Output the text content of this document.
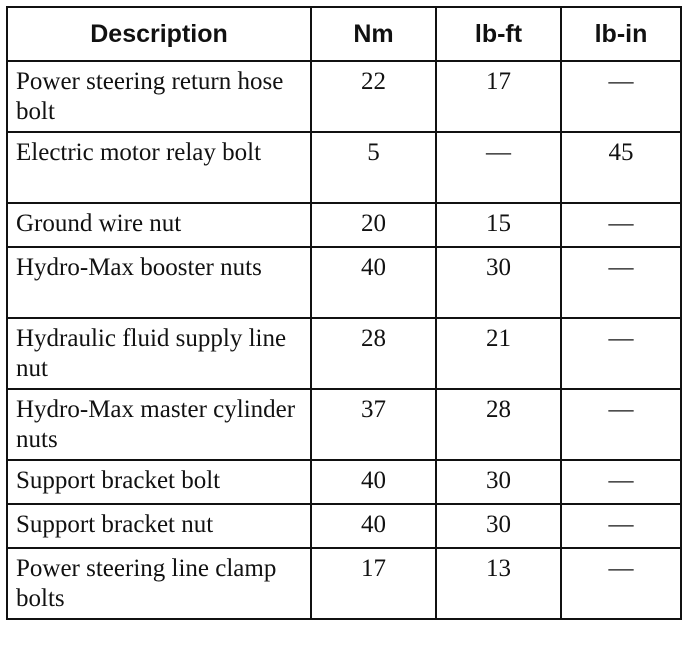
Description	Nm	lb-ft	lb-in
Power steering return hose bolt	22	17	—
Electric motor relay bolt	5	—	45
Ground wire nut	20	15	—
Hydro-Max booster nuts	40	30	—
Hydraulic fluid supply line nut	28	21	—
Hydro-Max master cylinder nuts	37	28	—
Support bracket bolt	40	30	—
Support bracket nut	40	30	—
Power steering line clamp bolts	17	13	—
